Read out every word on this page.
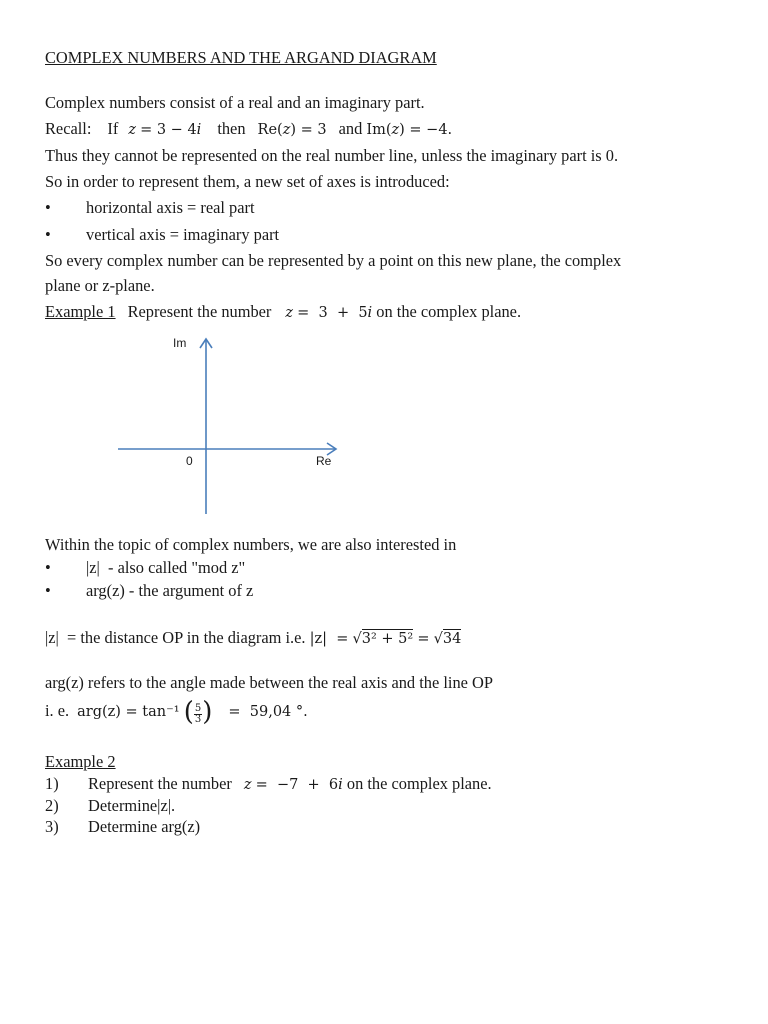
COMPLEX NUMBERS AND THE ARGAND DIAGRAM
Complex numbers consist of a real and an imaginary part.
Recall: If z = 3 − 4i then Re(z) = 3 and Im(z) = −4.
Thus they cannot be represented on the real number line, unless the imaginary part is 0.
So in order to represent them, a new set of axes is introduced:
• horizontal axis = real part
• vertical axis = imaginary part
So every complex number can be represented by a point on this new plane, the complex
plane or z-plane.
Example 1 Represent the number z =  3  +  5i on the complex plane.
Im
Re
0
Within the topic of complex numbers, we are also interested in
• |z|  - also called "mod z"
• arg(z) - the argument of z
|z|  = the distance OP in the diagram i.e. |z|  = √3² + 5² = √34
arg(z) refers to the angle made between the real axis and the line OP
i. e. arg(z) = tan⁻¹ ( $\frac{5}{3}$ ) =  59,04 °.
Example 2
1) Represent the number z =  −7  +  6i on the complex plane.
2) Determine|z|.
3) Determine arg(z)
